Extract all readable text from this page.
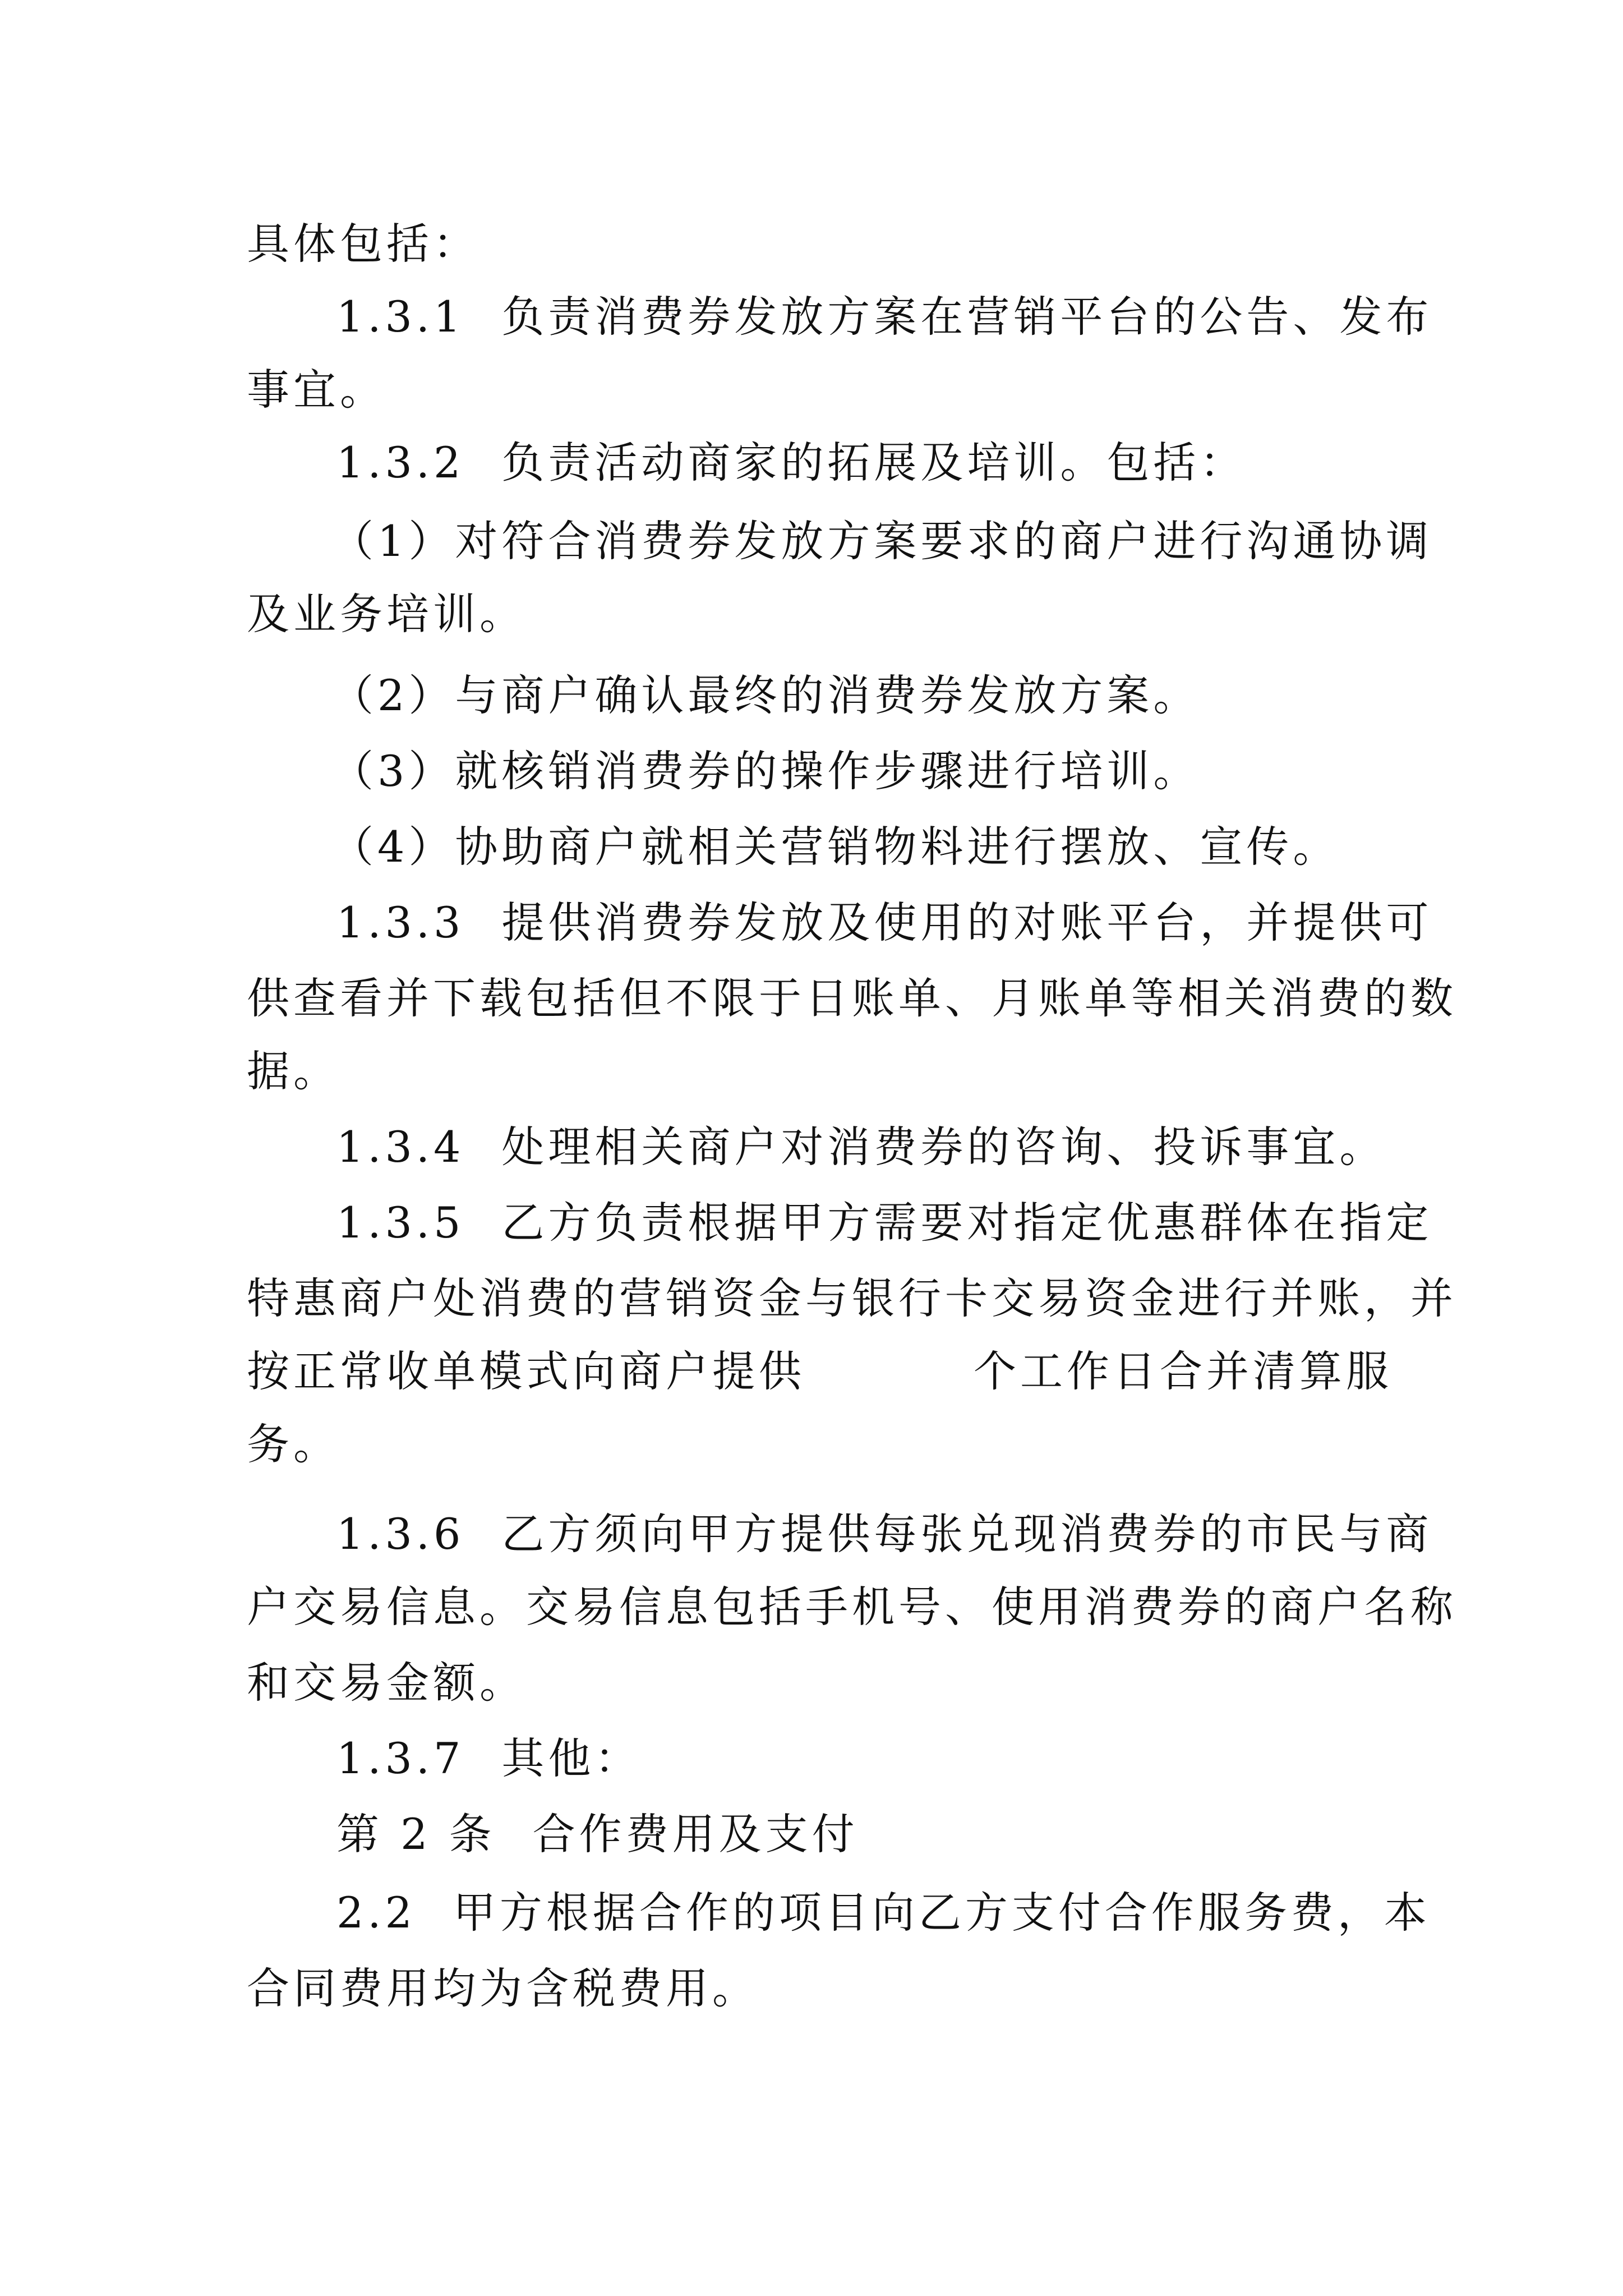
具体包括：
1.3.1 负责消费券发放方案在营销平台的公告、发布
事宜。
1.3.2 负责活动商家的拓展及培训。包括：
（1）对符合消费券发放方案要求的商户进行沟通协调
及业务培训。
（2）与商户确认最终的消费券发放方案。
（3）就核销消费券的操作步骤进行培训。
（4）协助商户就相关营销物料进行摆放、宣传。
1.3.3 提供消费券发放及使用的对账平台，并提供可
供查看并下载包括但不限于日账单、月账单等相关消费的数
据。
1.3.4 处理相关商户对消费券的咨询、投诉事宜。
1.3.5 乙方负责根据甲方需要对指定优惠群体在指定
特惠商户处消费的营销资金与银行卡交易资金进行并账，并
按正常收单模式向商户提供	个工作日合并清算服
务。
1.3.6 乙方须向甲方提供每张兑现消费券的市民与商
户交易信息。交易信息包括手机号、使用消费券的商户名称
和交易金额。
1.3.7 其他：
第 2 条 合作费用及支付
2.2 甲方根据合作的项目向乙方支付合作服务费，本
合同费用均为含税费用。
